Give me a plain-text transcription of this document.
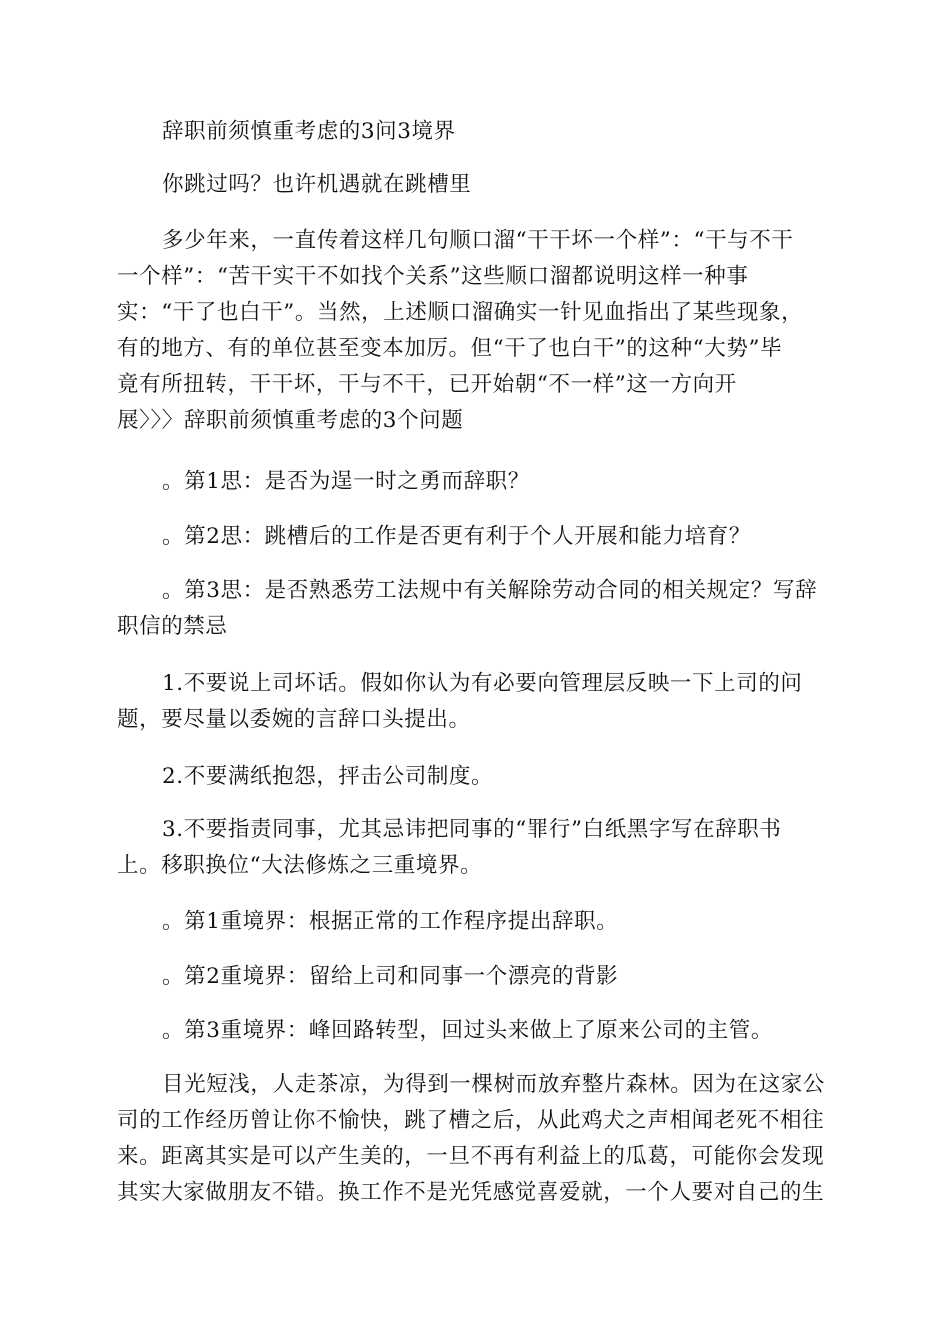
辞职前须慎重考虑的3问3境界
你跳过吗？也许机遇就在跳槽里
多少年来，一直传着这样几句顺口溜“干干坏一个样”：“干与不干
一个样”：“苦干实干不如找个关系”这些顺口溜都说明这样一种事
实：“干了也白干”。当然，上述顺口溜确实一针见血指出了某些现象，
有的地方、有的单位甚至变本加厉。但“干了也白干”的这种“大势”毕
竟有所扭转，干干坏，干与不干，已开始朝“不一样”这一方向开
展〉〉〉辞职前须慎重考虑的3个问题
。第1思：是否为逞一时之勇而辞职？
。第2思：跳槽后的工作是否更有利于个人开展和能力培育？
。第3思：是否熟悉劳工法规中有关解除劳动合同的相关规定？写辞
职信的禁忌
1.不要说上司坏话。假如你认为有必要向管理层反映一下上司的问
题，要尽量以委婉的言辞口头提出。
2.不要满纸抱怨，抨击公司制度。
3.不要指责同事，尤其忌讳把同事的“罪行”白纸黑字写在辞职书
上。移职换位“大法修炼之三重境界。
。第1重境界：根据正常的工作程序提出辞职。
。第2重境界：留给上司和同事一个漂亮的背影
。第3重境界：峰回路转型，回过头来做上了原来公司的主管。
目光短浅，人走茶凉，为得到一棵树而放弃整片森林。因为在这家公
司的工作经历曾让你不愉快，跳了槽之后，从此鸡犬之声相闻老死不相往
来。距离其实是可以产生美的，一旦不再有利益上的瓜葛，可能你会发现
其实大家做朋友不错。换工作不是光凭感觉喜爱就，一个人要对自己的生
